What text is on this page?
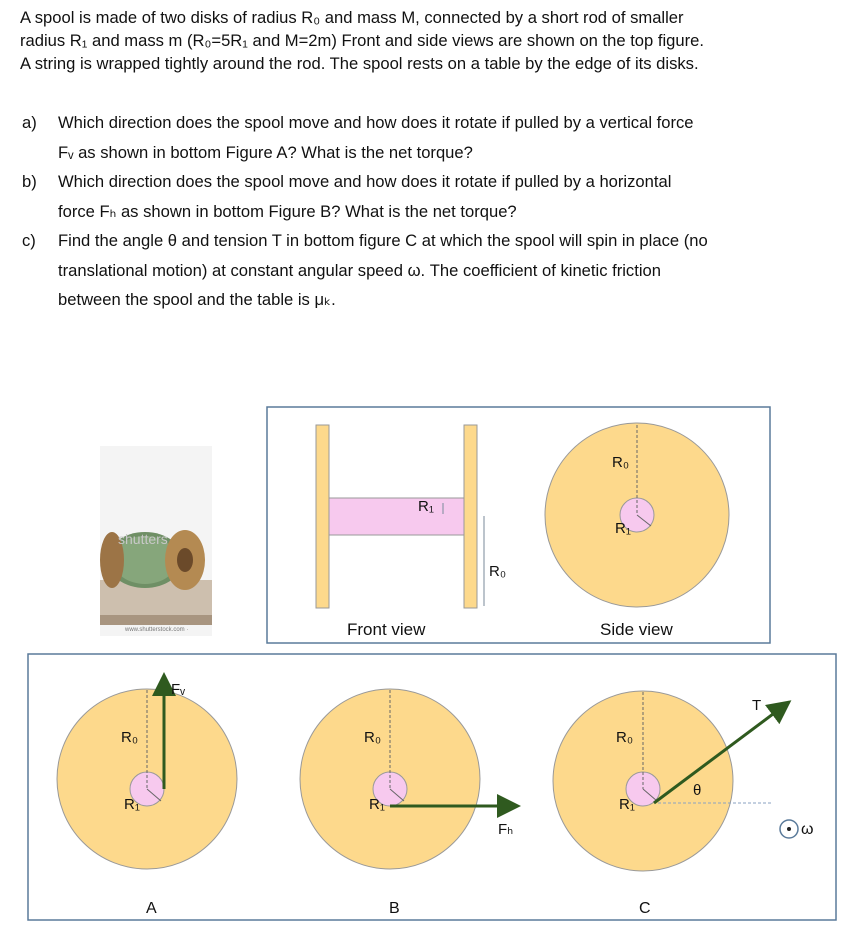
A spool is made of two disks of radius R₀ and mass M, connected by a short rod of smaller

radius R₁ and mass m (R₀=5R₁ and M=2m) Front and side views are shown on the top figure.

A string is wrapped tightly around the rod. The spool rests on a table by the edge of its disks.

a)	Which direction does the spool move and how does it rotate if pulled by a vertical force
Fᵥ as shown in bottom Figure A? What is the net torque?
b)	Which direction does the spool move and how does it rotate if pulled by a horizontal
force Fₕ as shown in bottom Figure B? What is the net torque?
c)	Find the angle θ and tension T in bottom figure C at which the spool will spin in place (no
translational motion) at constant angular speed ω. The coefficient of kinetic friction
between the spool and the table is μₖ.
shutters
www.shutterstock.com ·
R₁
R₀
Front view
R₀
R₁
Side view
Fᵥ
R₀
R₁
A
Fₕ
R₀
R₁
B
T
θ
R₀
R₁
C
ω
